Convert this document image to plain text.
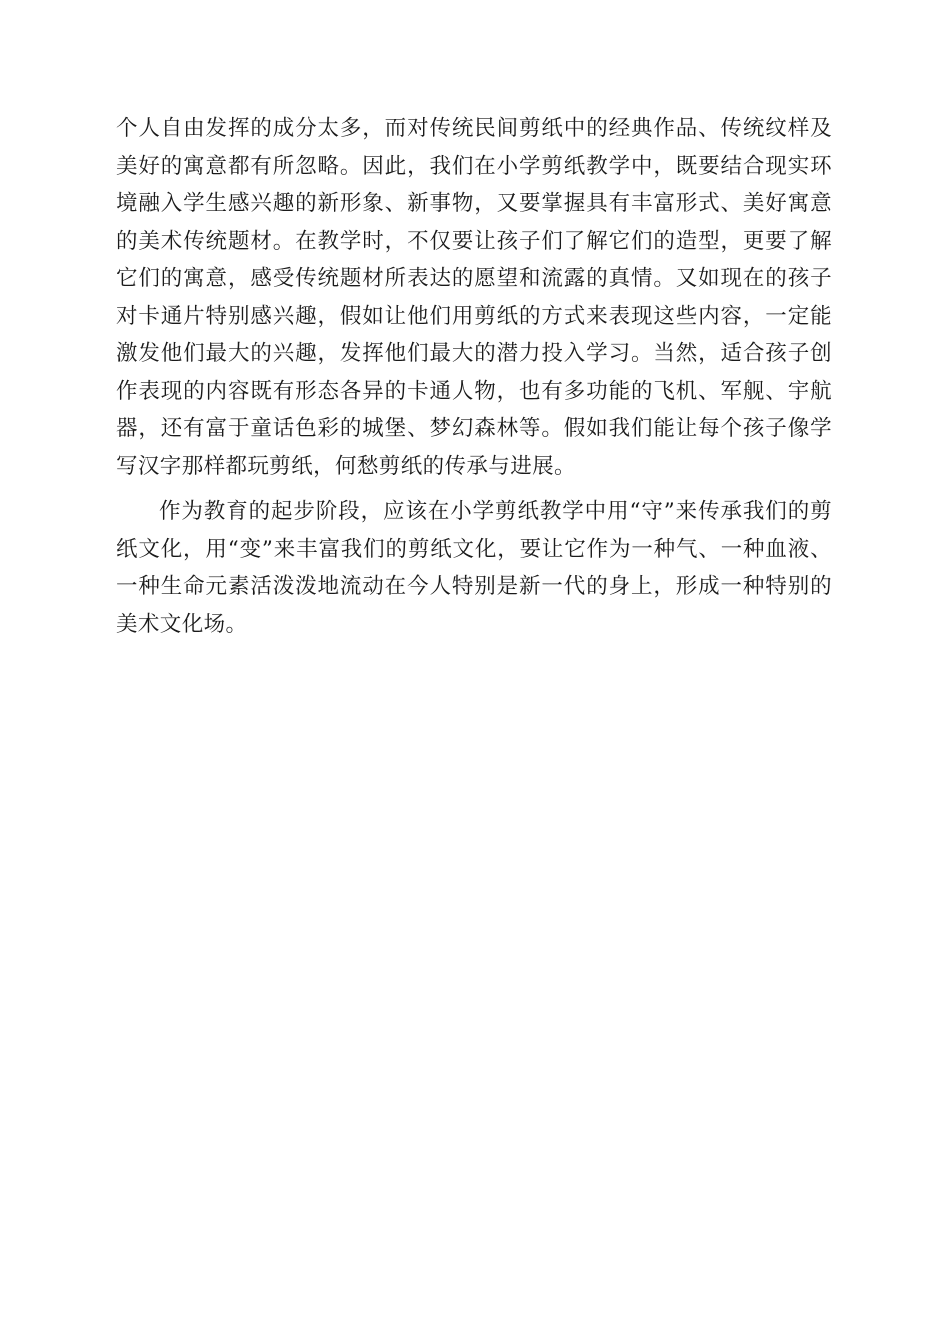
个人自由发挥的成分太多，而对传统民间剪纸中的经典作品、传统纹样及美好的寓意都有所忽略。因此，我们在小学剪纸教学中，既要结合现实环境融入学生感兴趣的新形象、新事物，又要掌握具有丰富形式、美好寓意的美术传统题材。在教学时，不仅要让孩子们了解它们的造型，更要了解它们的寓意，感受传统题材所表达的愿望和流露的真情。又如现在的孩子对卡通片特别感兴趣，假如让他们用剪纸的方式来表现这些内容，一定能激发他们最大的兴趣，发挥他们最大的潜力投入学习。当然，适合孩子创作表现的内容既有形态各异的卡通人物，也有多功能的飞机、军舰、宇航器，还有富于童话色彩的城堡、梦幻森林等。假如我们能让每个孩子像学写汉字那样都玩剪纸，何愁剪纸的传承与进展。

作为教育的起步阶段，应该在小学剪纸教学中用“守”来传承我们的剪纸文化，用“变”来丰富我们的剪纸文化，要让它作为一种气、一种血液、一种生命元素活泼泼地流动在今人特别是新一代的身上，形成一种特别的美术文化场。
